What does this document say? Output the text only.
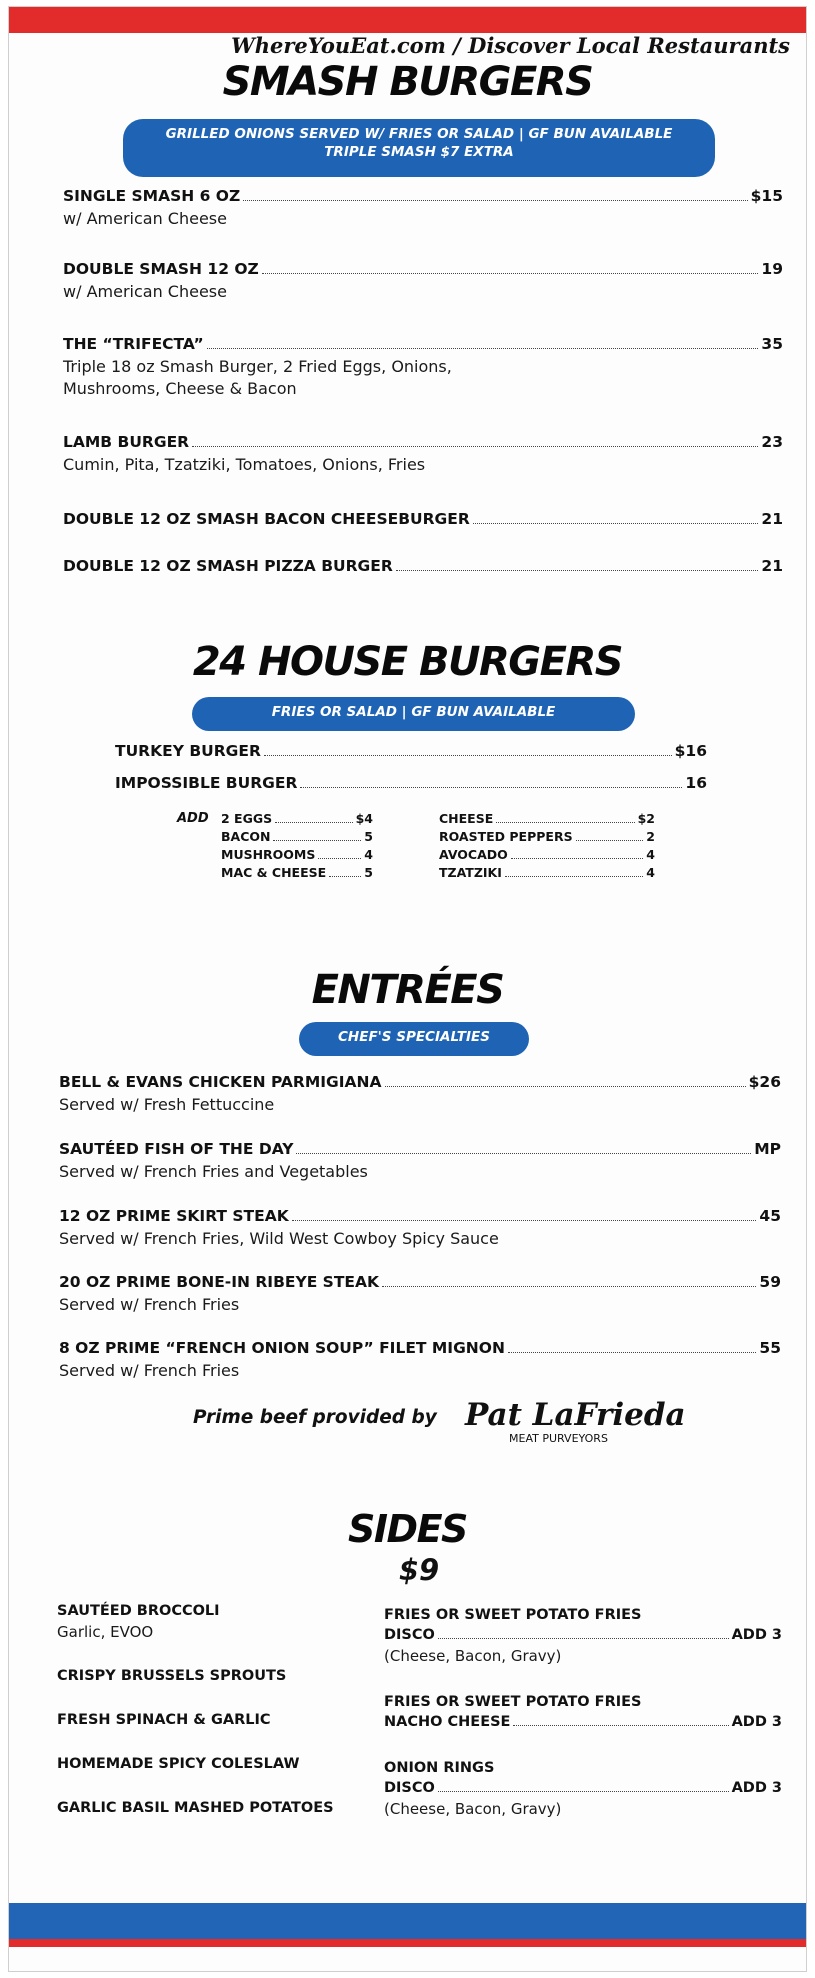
WhereYouEat.com / Discover Local Restaurants
SMASH BURGERS
GRILLED ONIONS SERVED W/ FRIES OR SALAD | GF BUN AVAILABLE
TRIPLE SMASH $7 EXTRA
SINGLE SMASH 6 OZ	$15
w/ American Cheese
DOUBLE SMASH 12 OZ	19
w/ American Cheese
THE “TRIFECTA”	35
Triple 18 oz Smash Burger, 2 Fried Eggs, Onions, Mushrooms, Cheese & Bacon
LAMB BURGER	23
Cumin, Pita, Tzatziki, Tomatoes, Onions, Fries
DOUBLE 12 OZ SMASH BACON CHEESEBURGER	21
DOUBLE 12 OZ SMASH PIZZA BURGER	21
24 HOUSE BURGERS
FRIES OR SALAD | GF BUN AVAILABLE
TURKEY BURGER	$16
IMPOSSIBLE BURGER	16
ADD 2 EGGS	$4
BACON	5
MUSHROOMS	4
MAC & CHEESE	5
CHEESE	$2
ROASTED PEPPERS	2
AVOCADO	4
TZATZIKI	4
ENTRÉES
CHEF'S SPECIALTIES
BELL & EVANS CHICKEN PARMIGIANA	$26
Served w/ Fresh Fettuccine
SAUTÉED FISH OF THE DAY	MP
Served w/ French Fries and Vegetables
12 OZ PRIME SKIRT STEAK	45
Served w/ French Fries, Wild West Cowboy Spicy Sauce
20 OZ PRIME BONE-IN RIBEYE STEAK	59
Served w/ French Fries
8 OZ PRIME “FRENCH ONION SOUP” FILET MIGNON	55
Served w/ French Fries
Prime beef provided by Pat LaFrieda
MEAT PURVEYORS
SIDES
$9
SAUTÉED BROCCOLI
Garlic, EVOO
CRISPY BRUSSELS SPROUTS
FRESH SPINACH & GARLIC
HOMEMADE SPICY COLESLAW
GARLIC BASIL MASHED POTATOES
FRIES OR SWEET POTATO FRIES
DISCO	ADD 3
(Cheese, Bacon, Gravy)
FRIES OR SWEET POTATO FRIES
NACHO CHEESE	ADD 3
ONION RINGS
DISCO	ADD 3
(Cheese, Bacon, Gravy)
